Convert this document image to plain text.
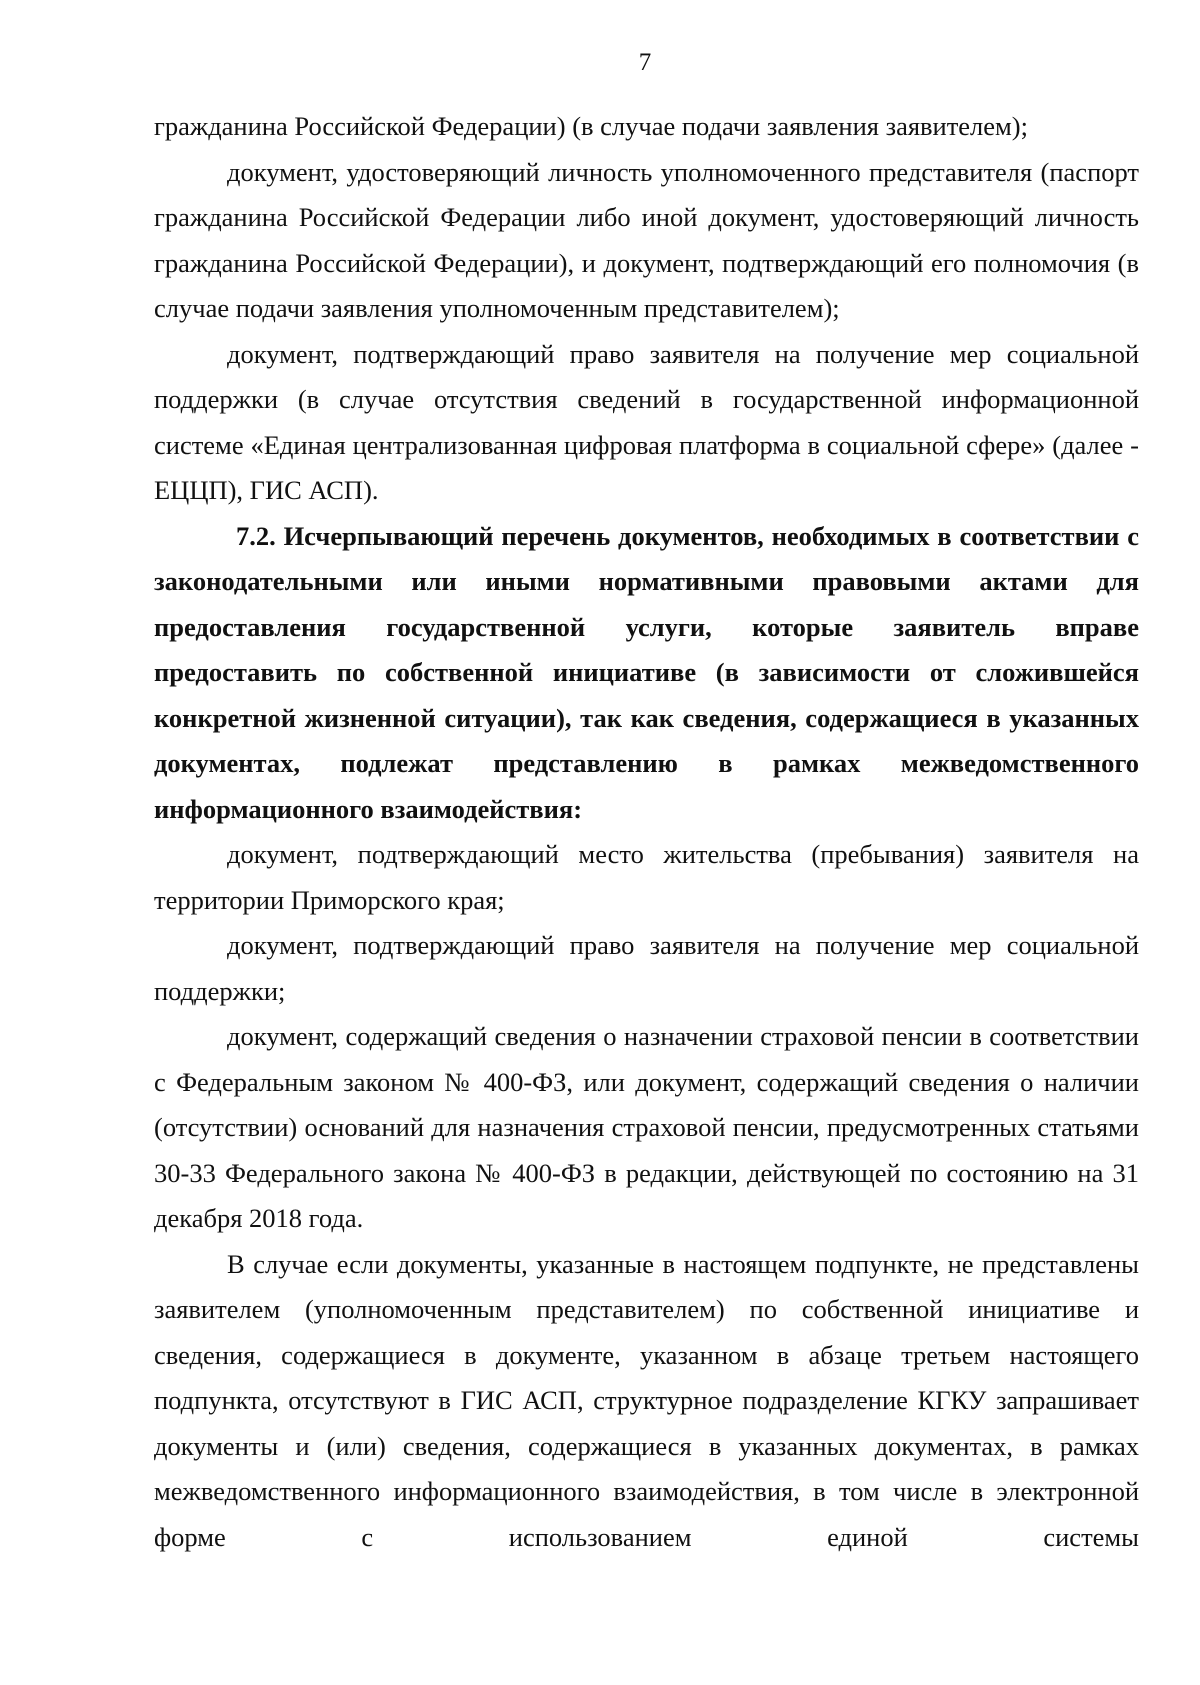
7

гражданина Российской Федерации) (в случае подачи заявления заявителем);

документ, удостоверяющий личность уполномоченного представителя (паспорт гражданина Российской Федерации либо иной документ, удостоверяющий личность гражданина Российской Федерации), и документ, подтверждающий его полномочия (в случае подачи заявления уполномоченным представителем);

документ, подтверждающий право заявителя на получение мер социальной поддержки (в случае отсутствия сведений в государственной информационной системе «Единая централизованная цифровая платформа в социальной сфере» (далее - ЕЦЦП), ГИС АСП).

7.2. Исчерпывающий перечень документов, необходимых в соответствии с законодательными или иными нормативными правовыми актами для предоставления государственной услуги, которые заявитель вправе предоставить по собственной инициативе (в зависимости от сложившейся конкретной жизненной ситуации), так как сведения, содержащиеся в указанных документах, подлежат представлению в рамках межведомственного информационного взаимодействия:

документ, подтверждающий место жительства (пребывания) заявителя на территории Приморского края;

документ, подтверждающий право заявителя на получение мер социальной поддержки;

документ, содержащий сведения о назначении страховой пенсии в соответствии с Федеральным законом № 400-ФЗ, или документ, содержащий сведения о наличии (отсутствии) оснований для назначения страховой пенсии, предусмотренных статьями 30-33 Федерального закона № 400-ФЗ в редакции, действующей по состоянию на 31 декабря 2018 года.

В случае если документы, указанные в настоящем подпункте, не представлены заявителем (уполномоченным представителем) по собственной инициативе и сведения, содержащиеся в документе, указанном в абзаце третьем настоящего подпункта, отсутствуют в ГИС АСП, структурное подразделение КГКУ запрашивает документы и (или) сведения, содержащиеся в указанных документах, в рамках межведомственного информационного взаимодействия, в том числе в электронной форме с использованием единой системы
